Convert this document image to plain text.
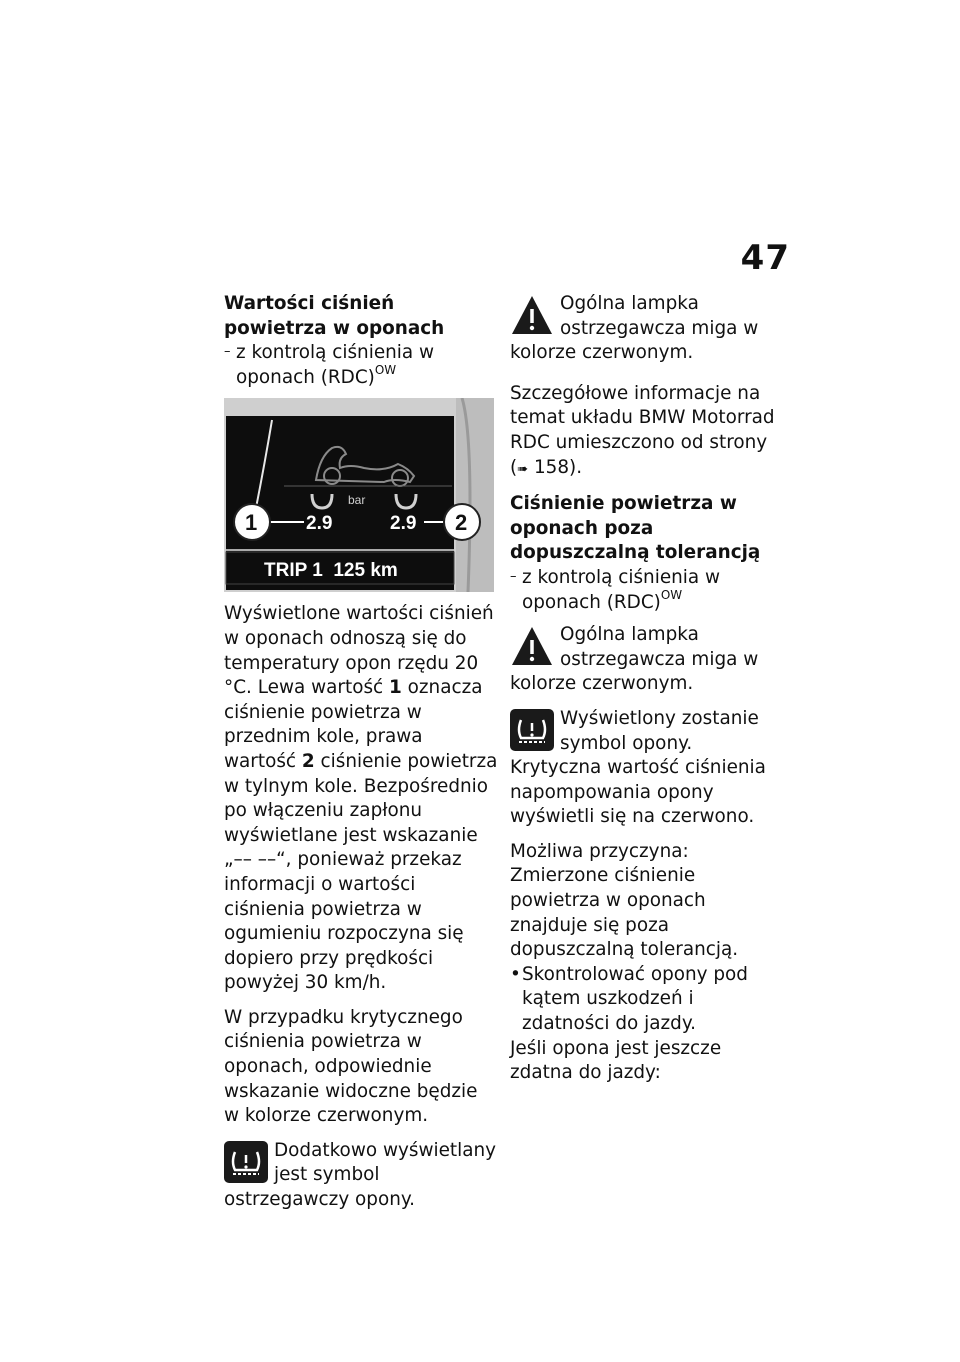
47
Wartości ciśnień powietrza w oponach
– z kontrolą ciśnienia w oponach (RDC)$^{OW}$
bar
2.9	2.9
1	2
TRIP 1  125 km

Wyświetlone wartości ciśnień w oponach odnoszą się do temperatury opon rzędu 20 °C. Lewa wartość 1 oznacza ciśnienie powietrza w przednim kole, prawa wartość 2 ciśnienie powietrza w tylnym kole. Bezpośrednio po włączeniu zapłonu wyświetlane jest wskazanie „–– ––“, ponieważ przekaz informacji o wartości ciśnienia powietrza w ogumieniu rozpoczyna się dopiero przy prędkości powyżej 30 km/h.

W przypadku krytycznego ciśnienia powietrza w oponach, odpowiednie wskazanie widoczne będzie w kolorze czerwonym.

Dodatkowo wyświetlany jest symbol ostrzegawczy opony.
Ogólna lampka ostrzegawcza miga w kolorze czerwonym.

Szczegółowe informacje na temat układu BMW Motorrad RDC umieszczono od strony (➠ 158).

Ciśnienie powietrza w oponach poza dopuszczalną tolerancją
– z kontrolą ciśnienia w oponach (RDC)$^{OW}$
Ogólna lampka ostrzegawcza miga w kolorze czerwonym.
Wyświetlony zostanie symbol opony. Krytyczna wartość ciśnienia napompowania opony wyświetli się na czerwono.

Możliwa przyczyna:

Zmierzone ciśnienie powietrza w oponach znajduje się poza dopuszczalną tolerancją.

• Skontrolować opony pod kątem uszkodzeń i zdatności do jazdy.

Jeśli opona jest jeszcze zdatna do jazdy:
